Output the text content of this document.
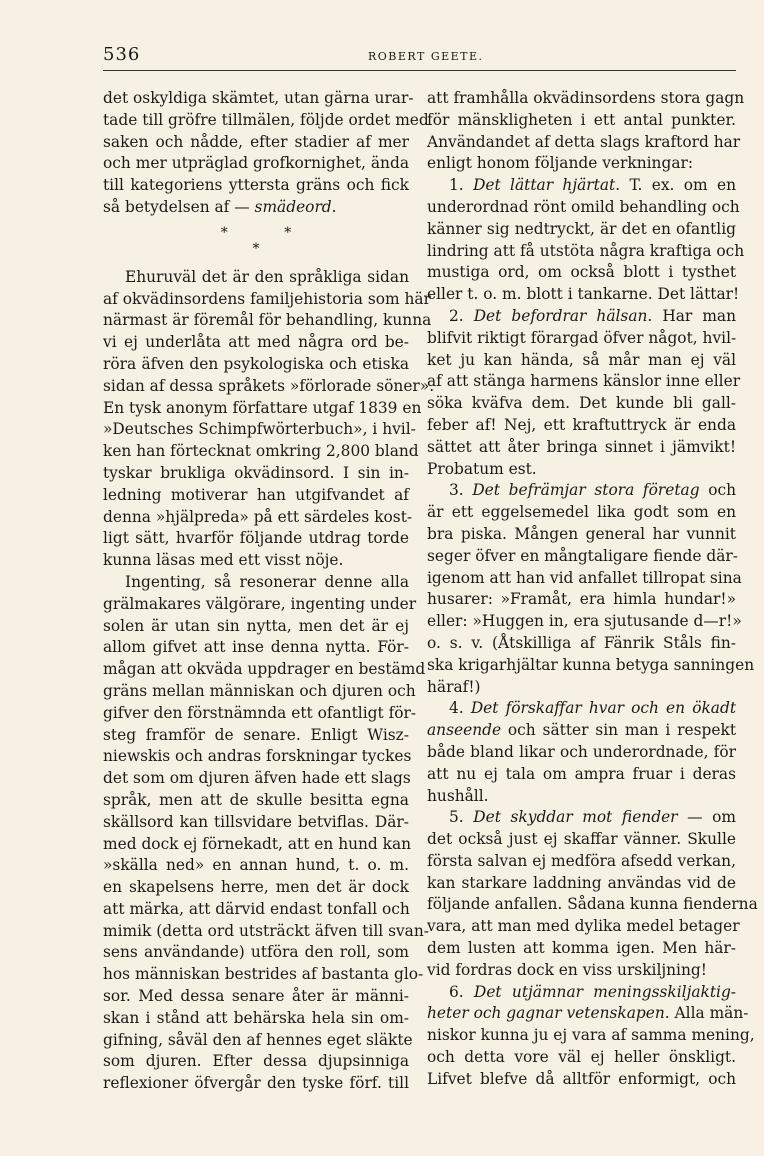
536	ROBERT GEETE.
det oskyldiga skämtet, utan gärna urar-
tade till gröfre tillmälen, följde ordet med
saken och nådde, efter stadier af mer
och mer utpräglad grofkornighet, ända
till kategoriens yttersta gräns och fick
så betydelsen af — smädeord.
* *
*
Ehuruväl det är den språkliga sidan
af okvädinsordens familjehistoria som här
närmast är föremål för behandling, kunna
vi ej underlåta att med några ord be-
röra äfven den psykologiska och etiska
sidan af dessa språkets »förlorade söner».
En tysk anonym författare utgaf 1839 en
»Deutsches Schimpfwörterbuch», i hvil-
ken han förtecknat omkring 2,800 bland
tyskar brukliga okvädinsord. I sin in-
ledning motiverar han utgifvandet af
denna »hjälpreda» på ett särdeles kost-
ligt sätt, hvarför följande utdrag torde
kunna läsas med ett visst nöje.
Ingenting, så resonerar denne alla
grälmakares välgörare, ingenting under
solen är utan sin nytta, men det är ej
allom gifvet att inse denna nytta. För-
mågan att okväda uppdrager en bestämd
gräns mellan människan och djuren och
gifver den förstnämnda ett ofantligt för-
steg framför de senare. Enligt Wisz-
niewskis och andras forskningar tyckes
det som om djuren äfven hade ett slags
språk, men att de skulle besitta egna
skällsord kan tillsvidare betviflas. Där-
med dock ej förnekadt, att en hund kan
»skälla ned» en annan hund, t. o. m.
en skapelsens herre, men det är dock
att märka, att därvid endast tonfall och
mimik (detta ord utsträckt äfven till svan-
sens användande) utföra den roll, som
hos människan bestrides af bastanta glo-
sor. Med dessa senare åter är männi-
skan i stånd att behärska hela sin om-
gifning, såväl den af hennes eget släkte
som djuren. Efter dessa djupsinniga
reflexioner öfvergår den tyske förf. till
att framhålla okvädinsordens stora gagn
för mänskligheten i ett antal punkter.
Användandet af detta slags kraftord har
enligt honom följande verkningar:
1. Det lättar hjärtat. T. ex. om en
underordnad rönt omild behandling och
känner sig nedtryckt, är det en ofantlig
lindring att få utstöta några kraftiga och
mustiga ord, om också blott i tysthet
eller t. o. m. blott i tankarne. Det lättar!
2. Det befordrar hälsan. Har man
blifvit riktigt förargad öfver något, hvil-
ket ju kan hända, så mår man ej väl
af att stänga harmens känslor inne eller
söka kväfva dem. Det kunde bli gall-
feber af! Nej, ett kraftuttryck är enda
sättet att åter bringa sinnet i jämvikt!
Probatum est.
3. Det befrämjar stora företag och
är ett eggelsemedel lika godt som en
bra piska. Mången general har vunnit
seger öfver en mångtaligare fiende där-
igenom att han vid anfallet tillropat sina
husarer: »Framåt, era himla hundar!»
eller: »Huggen in, era sjutusande d—r!»
o. s. v. (Åtskilliga af Fänrik Ståls fin-
ska krigarhjältar kunna betyga sanningen
häraf!)
4. Det förskaffar hvar och en ökadt
anseende och sätter sin man i respekt
både bland likar och underordnade, för
att nu ej tala om ampra fruar i deras
hushåll.
5. Det skyddar mot fiender — om
det också just ej skaffar vänner. Skulle
första salvan ej medföra afsedd verkan,
kan starkare laddning användas vid de
följande anfallen. Sådana kunna fienderna
vara, att man med dylika medel betager
dem lusten att komma igen. Men här-
vid fordras dock en viss urskiljning!
6. Det utjämnar meningsskiljaktig-
heter och gagnar vetenskapen. Alla män-
niskor kunna ju ej vara af samma mening,
och detta vore väl ej heller önskligt.
Lifvet blefve då alltför enformigt, och
